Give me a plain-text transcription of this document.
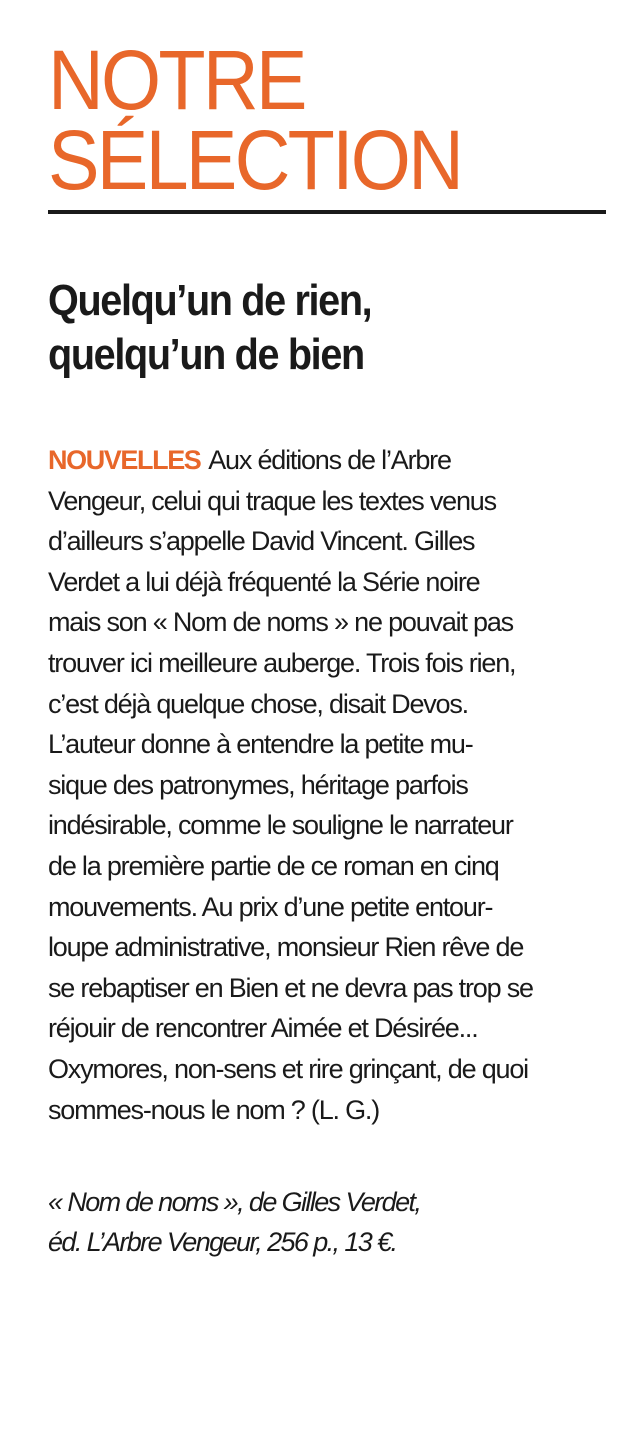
NOTRE
SÉLECTION
Quelqu’un de rien,
quelqu’un de bien
NOUVELLES Aux éditions de l’Arbre
Vengeur, celui qui traque les textes venus
d’ailleurs s’appelle David Vincent. Gilles
Verdet a lui déjà fréquenté la Série noire
mais son « Nom de noms » ne pouvait pas
trouver ici meilleure auberge. Trois fois rien,
c’est déjà quelque chose, disait Devos.
L’auteur donne à entendre la petite mu-
sique des patronymes, héritage parfois
indésirable, comme le souligne le narrateur
de la première partie de ce roman en cinq
mouvements. Au prix d’une petite entour-
loupe administrative, monsieur Rien rêve de
se rebaptiser en Bien et ne devra pas trop se
réjouir de rencontrer Aimée et Désirée...
Oxymores, non-sens et rire grinçant, de quoi
sommes-nous le nom ? (L. G.)
« Nom de noms », de Gilles Verdet,
éd. L’Arbre Vengeur, 256 p., 13 €.
